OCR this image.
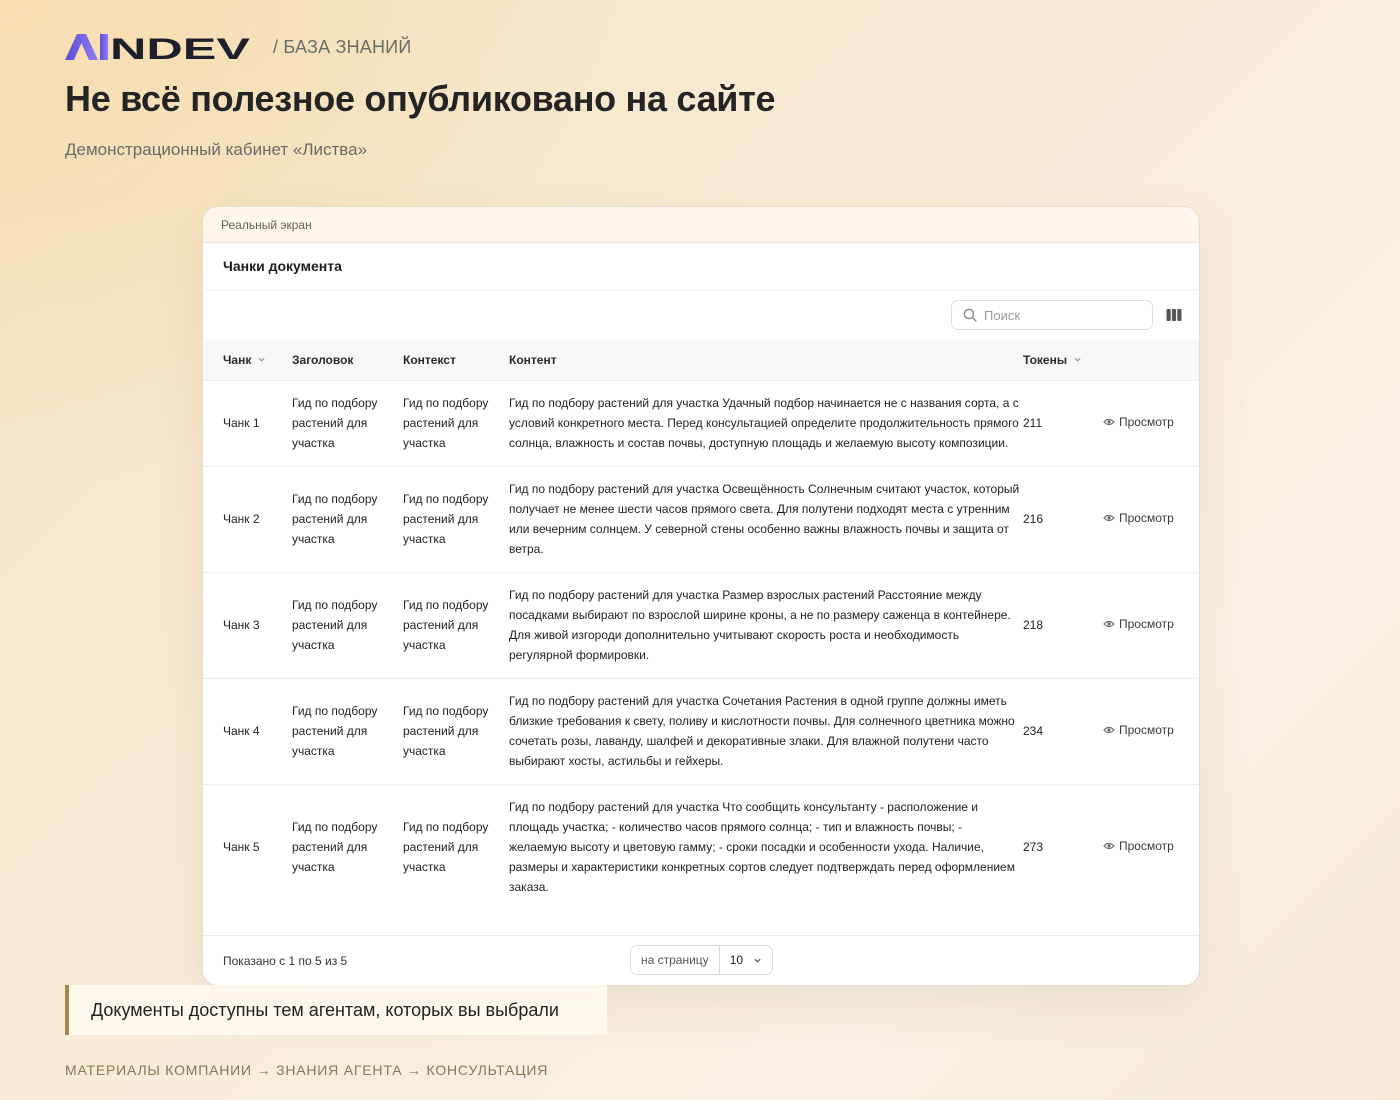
NDEV / БАЗА ЗНАНИЙ
Не всё полезное опубликовано на сайте
Демонстрационный кабинет «Листва»
Реальный экран
Чанки документа
Поиск
Чанк	Заголовок	Контекст	Контент	Токены	

Чанк 1	Гид по подбору растений для участка	Гид по подбору растений для участка	Гид по подбору растений для участка Удачный подбор начинается не с названия сорта, а с условий конкретного места. Перед консультацией определите продолжительность прямого солнца, влажность и состав почвы, доступную площадь и желаемую высоту композиции.	211	Просмотр

Чанк 2	Гид по подбору растений для участка	Гид по подбору растений для участка	Гид по подбору растений для участка Освещённость Солнечным считают участок, который получает не менее шести часов прямого света. Для полутени подходят места с утренним или вечерним солнцем. У северной стены особенно важны влажность почвы и защита от ветра.	216	Просмотр

Чанк 3	Гид по подбору растений для участка	Гид по подбору растений для участка	Гид по подбору растений для участка Размер взрослых растений Расстояние между посадками выбирают по взрослой ширине кроны, а не по размеру саженца в контейнере. Для живой изгороди дополнительно учитывают скорость роста и необходимость регулярной формировки.	218	Просмотр

Чанк 4	Гид по подбору растений для участка	Гид по подбору растений для участка	Гид по подбору растений для участка Сочетания Растения в одной группе должны иметь близкие требования к свету, поливу и кислотности почвы. Для солнечного цветника можно сочетать розы, лаванду, шалфей и декоративные злаки. Для влажной полутени часто выбирают хосты, астильбы и гейхеры.	234	Просмотр

Чанк 5	Гид по подбору растений для участка	Гид по подбору растений для участка	Гид по подбору растений для участка Что сообщить консультанту - расположение и площадь участка; - количество часов прямого солнца; - тип и влажность почвы; - желаемую высоту и цветовую гамму; - сроки посадки и особенности ухода. Наличие, размеры и характеристики конкретных сортов следует подтверждать перед оформлением заказа.	273	Просмотр
Показано с 1 по 5 из 5	на страницу	10
Документы доступны тем агентам, которых вы выбрали
МАТЕРИАЛЫ КОМПАНИИ → ЗНАНИЯ АГЕНТА → КОНСУЛЬТАЦИЯ
